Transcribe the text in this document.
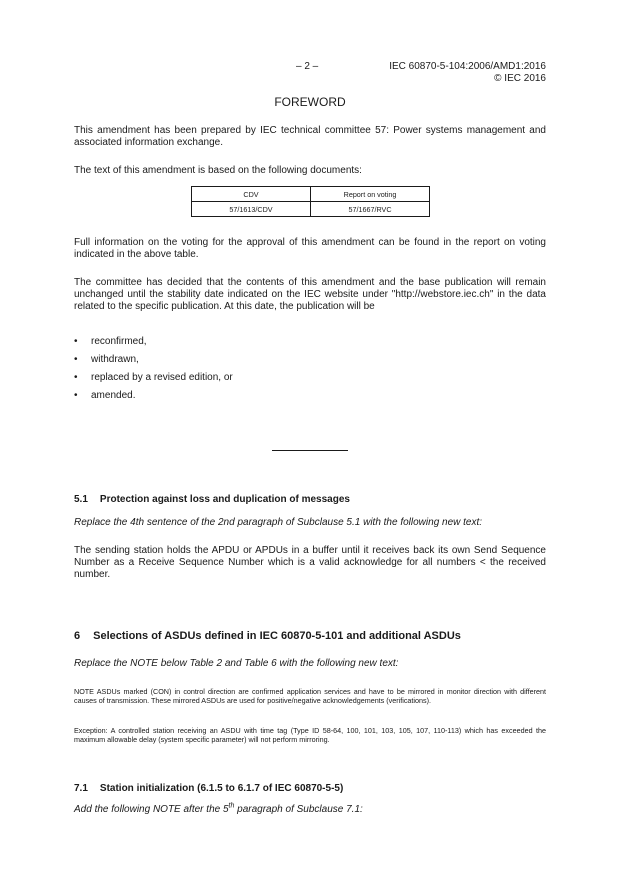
– 2 –	IEC 60870-5-104:2006/AMD1:2016
© IEC 2016
FOREWORD
This amendment has been prepared by IEC technical committee 57: Power systems management and associated information exchange.
The text of this amendment is based on the following documents:
CDV	Report on voting
57/1613/CDV	57/1667/RVC
Full information on the voting for the approval of this amendment can be found in the report on voting indicated in the above table.
The committee has decided that the contents of this amendment and the base publication will remain unchanged until the stability date indicated on the IEC website under "http://webstore.iec.ch" in the data related to the specific publication. At this date, the publication will be
• reconfirmed,
• withdrawn,
• replaced by a revised edition, or
• amended.
5.1 Protection against loss and duplication of messages
Replace the 4th sentence of the 2nd paragraph of Subclause 5.1 with the following new text:
The sending station holds the APDU or APDUs in a buffer until it receives back its own Send Sequence Number as a Receive Sequence Number which is a valid acknowledge for all numbers < the received number.
6 Selections of ASDUs defined in IEC 60870-5-101 and additional ASDUs
Replace the NOTE below Table 2 and Table 6 with the following new text:
NOTE ASDUs marked (CON) in control direction are confirmed application services and have to be mirrored in monitor direction with different causes of transmission. These mirrored ASDUs are used for positive/negative acknowledgements (verifications).
Exception: A controlled station receiving an ASDU with time tag (Type ID 58-64, 100, 101, 103, 105, 107, 110-113) which has exceeded the maximum allowable delay (system specific parameter) will not perform mirroring.
7.1 Station initialization (6.1.5 to 6.1.7 of IEC 60870-5-5)
Add the following NOTE after the 5th paragraph of Subclause 7.1:
